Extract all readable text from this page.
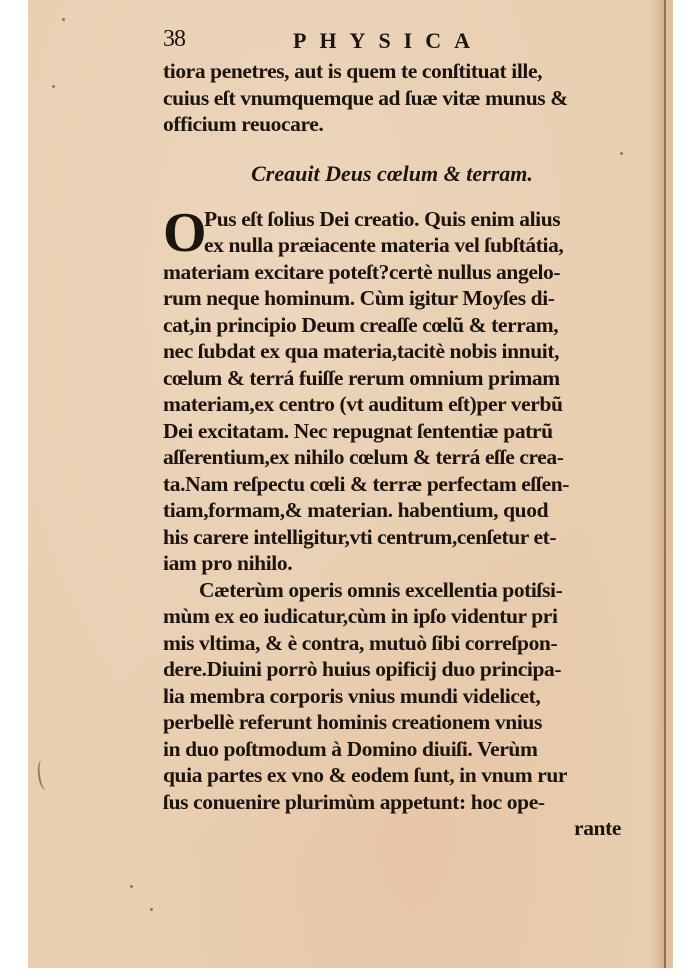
38	PHYSICA
tiora penetres, aut is quem te conſtituat ille,
cuius eſt vnumquemque ad ſuæ vitæ munus &
officium reuocare.
Creauit Deus cœlum & terram.
O
Pus eſt ſolius Dei creatio. Quis enim alius
ex nulla præiacente materia vel ſubſtátia,
materiam excitare poteſt?certè nullus angelo-
rum neque hominum. Cùm igitur Moyſes di-
cat,in principio Deum creaſſe cœlũ & terram,
nec ſubdat ex qua materia,tacitè nobis innuit,
cœlum & terrá fuiſſe rerum omnium primam
materiam,ex centro (vt auditum eſt)per verbũ
Dei excitatam. Nec repugnat ſententiæ patrũ
aſſerentium,ex nihilo cœlum & terrá eſſe crea-
ta.Nam reſpectu cœli & terræ perfectam eſſen-
tiam,formam,& materian. habentium, quod
his carere intelligitur,vti centrum,cenſetur et-
iam pro nihilo.
Cæterùm operis omnis excellentia potiſsi-
mùm ex eo iudicatur,cùm in ipſo videntur pri
mis vltima, & è contra, mutuò ſibi correſpon-
dere.Diuini porrò huius opificij duo principa-
lia membra corporis vnius mundi videlicet,
perbellè referunt hominis creationem vnius
in duo poſtmodum à Domino diuiſi. Verùm
quia partes ex vno & eodem ſunt, in vnum rur
ſus conuenire plurimùm appetunt: hoc ope-
rante
